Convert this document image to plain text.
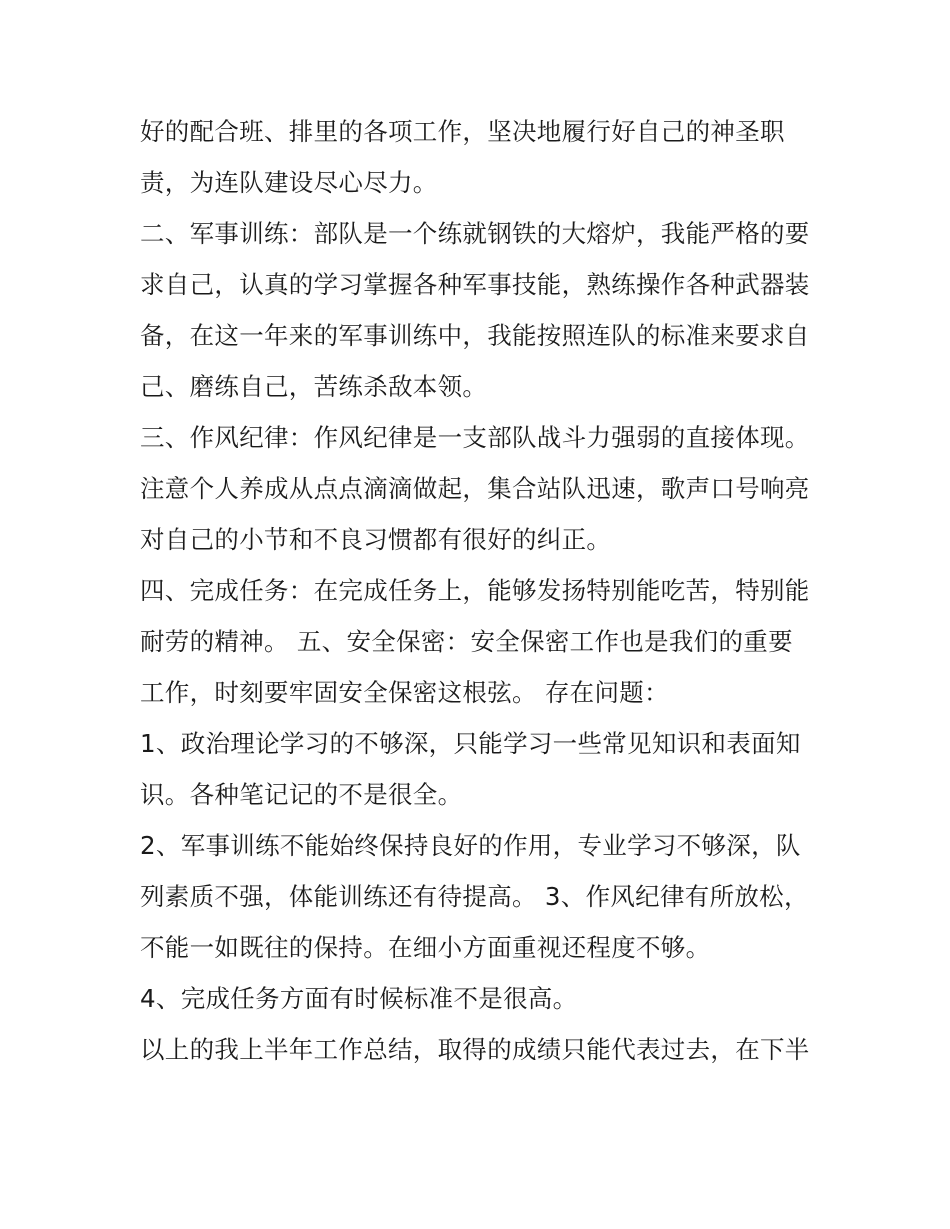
好的配合班、排里的各项工作，坚决地履行好自己的神圣职
责，为连队建设尽心尽力。
二、军事训练：部队是一个练就钢铁的大熔炉，我能严格的要
求自己，认真的学习掌握各种军事技能，熟练操作各种武器装
备，在这一年来的军事训练中，我能按照连队的标准来要求自
己、磨练自己，苦练杀敌本领。
三、作风纪律：作风纪律是一支部队战斗力强弱的直接体现。
注意个人养成从点点滴滴做起，集合站队迅速，歌声口号响亮
对自己的小节和不良习惯都有很好的纠正。
四、完成任务：在完成任务上，能够发扬特别能吃苦，特别能
耐劳的精神。 五、安全保密：安全保密工作也是我们的重要
工作，时刻要牢固安全保密这根弦。 存在问题：
1、政治理论学习的不够深，只能学习一些常见知识和表面知
识。各种笔记记的不是很全。
2、军事训练不能始终保持良好的作用，专业学习不够深，队
列素质不强，体能训练还有待提高。 3、作风纪律有所放松，
不能一如既往的保持。在细小方面重视还程度不够。
4、完成任务方面有时候标准不是很高。
以上的我上半年工作总结，取得的成绩只能代表过去，在下半
